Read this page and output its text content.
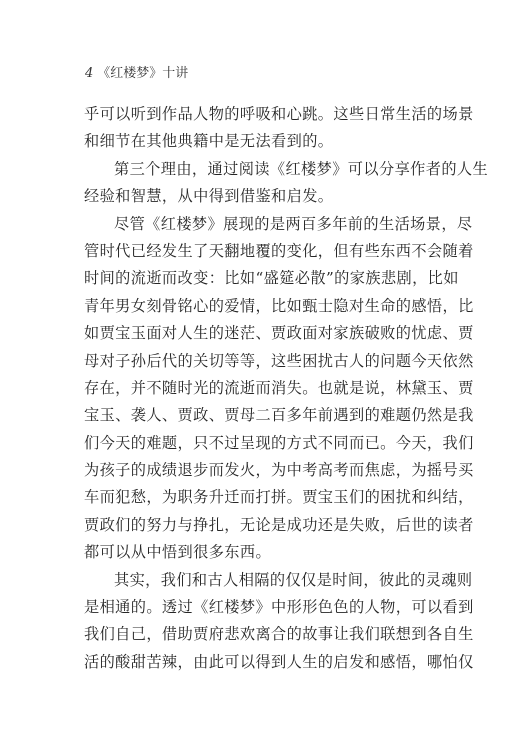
4 《红楼梦》十讲
乎可以听到作品人物的呼吸和心跳。这些日常生活的场景
和细节在其他典籍中是无法看到的。
第三个理由，通过阅读《红楼梦》可以分享作者的人生
经验和智慧，从中得到借鉴和启发。
尽管《红楼梦》展现的是两百多年前的生活场景，尽
管时代已经发生了天翻地覆的变化，但有些东西不会随着
时间的流逝而改变：比如“盛筵必散”的家族悲剧，比如
青年男女刻骨铭心的爱情，比如甄士隐对生命的感悟，比
如贾宝玉面对人生的迷茫、贾政面对家族破败的忧虑、贾
母对子孙后代的关切等等，这些困扰古人的问题今天依然
存在，并不随时光的流逝而消失。也就是说，林黛玉、贾
宝玉、袭人、贾政、贾母二百多年前遇到的难题仍然是我
们今天的难题，只不过呈现的方式不同而已。今天，我们
为孩子的成绩退步而发火，为中考高考而焦虑，为摇号买
车而犯愁，为职务升迁而打拼。贾宝玉们的困扰和纠结，
贾政们的努力与挣扎，无论是成功还是失败，后世的读者
都可以从中悟到很多东西。
其实，我们和古人相隔的仅仅是时间，彼此的灵魂则
是相通的。透过《红楼梦》中形形色色的人物，可以看到
我们自己，借助贾府悲欢离合的故事让我们联想到各自生
活的酸甜苦辣，由此可以得到人生的启发和感悟，哪怕仅
